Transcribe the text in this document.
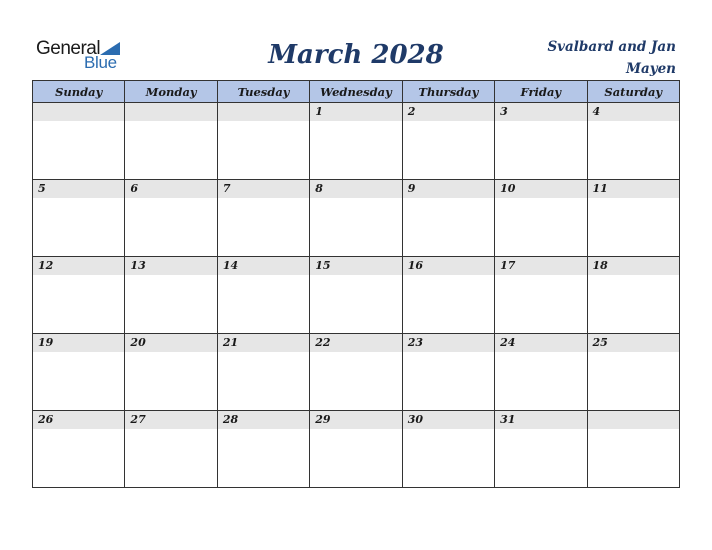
General
Blue	March 2028	Svalbard and Jan
Mayen
Sunday	Monday	Tuesday	Wednesday	Thursday	Friday	Saturday

			1	2	3	4

5	6	7	8	9	10	11

12	13	14	15	16	17	18

19	20	21	22	23	24	25

26	27	28	29	30	31	
